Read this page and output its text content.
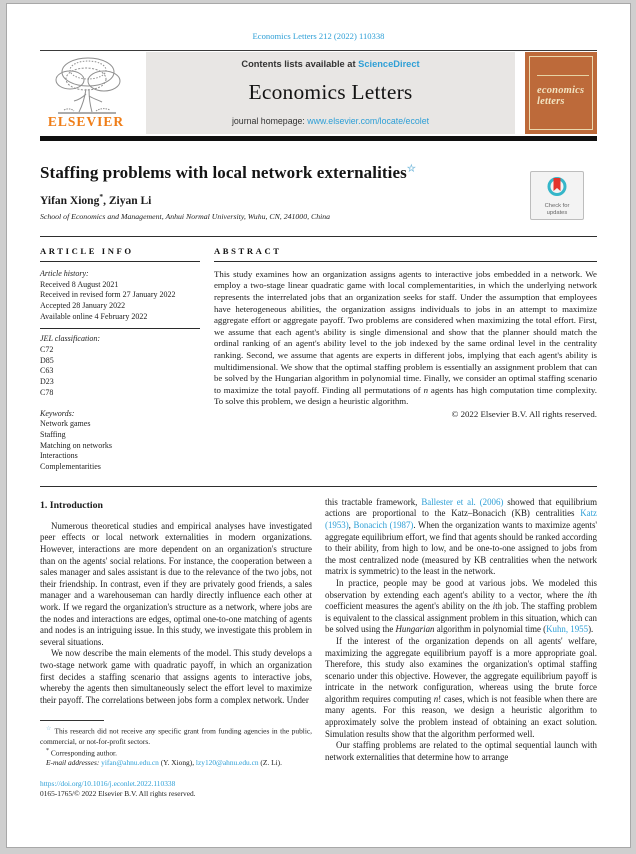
Economics Letters 212 (2022) 110338
ELSEVIER
Contents lists available at ScienceDirect
Economics Letters
journal homepage: www.elsevier.com/locate/ecolet
economics
letters
Staffing problems with local network externalities☆
Yifan Xiong*, Ziyan Li
School of Economics and Management, Anhui Normal University, Wuhu, CN, 241000, China
Check for
updates
ARTICLE INFO
Article history:
Received 8 August 2021
Received in revised form 27 January 2022
Accepted 28 January 2022
Available online 4 February 2022
JEL classification:
C72
D85
C63
D23
C78
Keywords:
Network games
Staffing
Matching on networks
Interactions
Complementarities
ABSTRACT

This study examines how an organization assigns agents to interactive jobs embedded in a network. We employ a two-stage linear quadratic game with local complementarities, in which the underlying network represents the interrelated jobs that an organization seeks for staff. Under the assumption that employees have heterogeneous abilities, the organization assigns individuals to jobs in an attempt to maximize aggregate effort or aggregate payoff. Two problems are considered when maximizing the total effort. First, we assume that each agent's ability is single dimensional and show that the planner should match the ordinal ranking of an agent's ability level to the job indexed by the same ordinal level in the centrality ranking. Second, we assume that agents are experts in different jobs, implying that each agent's ability is multidimensional. We show that the optimal staffing problem is essentially an assignment problem that can be solved by the Hungarian algorithm in polynomial time. Finally, we consider an optimal staffing scenario to maximize the total payoff. Finding all permutations of n agents has high computation time complexity. To solve this problem, we design a heuristic algorithm.

© 2022 Elsevier B.V. All rights reserved.
1. Introduction

Numerous theoretical studies and empirical analyses have investigated peer effects or local network externalities in modern organizations. However, interactions are more dependent on an organization's structure than on the agents' social relations. For instance, the cooperation between a sales manager and sales assistant is due to the relevance of the two jobs, not their friendship. In contrast, even if they are privately good friends, a sales manager and a warehouseman can hardly directly influence each other at work. If we regard the organization's structure as a network, where jobs are the nodes and interactions are edges, optimal one-to-one matching of agents and nodes is an intriguing issue. In this study, we investigate this problem in several situations.

We now describe the main elements of the model. This study develops a two-stage network game with quadratic payoff, in which an organization first decides a staffing scenario that assigns agents to interactive jobs, whereby the agents then simultaneously select the effort level to maximize their payoff. The correlations between jobs form a complex network. Under

☆ This research did not receive any specific grant from funding agencies in the public, commercial, or not-for-profit sectors.

* Corresponding author.

E-mail addresses: yifan@ahnu.edu.cn (Y. Xiong), lzy120@ahnu.edu.cn (Z. Li).

https://doi.org/10.1016/j.econlet.2022.110338

0165-1765/© 2022 Elsevier B.V. All rights reserved.

this tractable framework, Ballester et al. (2006) showed that equilibrium actions are proportional to the Katz–Bonacich (KB) centralities Katz (1953), Bonacich (1987). When the organization wants to maximize agents' aggregate equilibrium effort, we find that agents should be ranked according to their ability, from high to low, and be one-to-one assigned to jobs from the most centralized node (measured by KB centralities when the network matrix is symmetric) to the least in the network.

In practice, people may be good at various jobs. We modeled this observation by extending each agent's ability to a vector, where the ith coefficient measures the agent's ability on the ith job. The staffing problem is equivalent to the classical assignment problem in this situation, which can be solved using the Hungarian algorithm in polynomial time (Kuhn, 1955).

If the interest of the organization depends on all agents' welfare, maximizing the aggregate equilibrium payoff is a more appropriate goal. Therefore, this study also examines the organization's optimal staffing scenario under this objective. However, the aggregate equilibrium payoff is intricate in the network configuration, whereas using the brute force algorithm requires computing n! cases, which is not feasible when there are many agents. For this reason, we design a heuristic algorithm to approximately solve the problem instead of obtaining an exact solution. Simulation results show that the algorithm performed well.

Our staffing problems are related to the optimal sequential launch with network externalities that determine how to arrange
